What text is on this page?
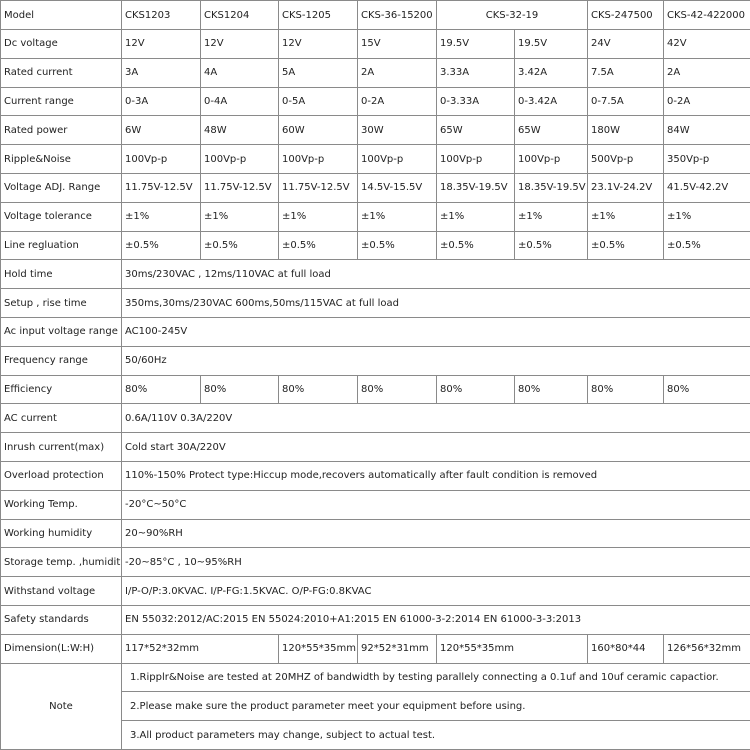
Model	CKS1203	CKS1204	CKS-1205	CKS-36-15200	CKS-32-19		CKS-247500	CKS-42-422000
Dc voltage	12V	12V	12V	15V	19.5V	19.5V	24V	42V
Rated current	3A	4A	5A	2A	3.33A	3.42A	7.5A	2A
Current range	0-3A	0-4A	0-5A	0-2A	0-3.33A	0-3.42A	0-7.5A	0-2A
Rated power	6W	48W	60W	30W	65W	65W	180W	84W
Ripple&Noise	100Vp-p	100Vp-p	100Vp-p	100Vp-p	100Vp-p	100Vp-p	500Vp-p	350Vp-p
Voltage ADJ. Range	11.75V-12.5V	11.75V-12.5V	11.75V-12.5V	14.5V-15.5V	18.35V-19.5V	18.35V-19.5V	23.1V-24.2V	41.5V-42.2V
Voltage tolerance	±1%	±1%	±1%	±1%	±1%	±1%	±1%	±1%
Line regluation	±0.5%	±0.5%	±0.5%	±0.5%	±0.5%	±0.5%	±0.5%	±0.5%
Hold time	30ms/230VAC , 12ms/110VAC at full load							
Setup , rise time	350ms,30ms/230VAC 600ms,50ms/115VAC at full load							
Ac input voltage range	AC100-245V							
Frequency range	50/60Hz							
Efficiency	80%	80%	80%	80%	80%	80%	80%	80%
AC current	0.6A/110V 0.3A/220V							
Inrush current(max)	Cold start 30A/220V							
Overload protection	110%-150% Protect type:Hiccup mode,recovers automatically after fault condition is removed							
Working Temp.	-20°C~50°C							
Working humidity	20~90%RH							
Storage temp. ,humidit	-20~85°C , 10~95%RH							
Withstand voltage	I/P-O/P:3.0KVAC. I/P-FG:1.5KVAC. O/P-FG:0.8KVAC							
Safety standards	EN 55032:2012/AC:2015 EN 55024:2010+A1:2015 EN 61000-3-2:2014 EN 61000-3-3:2013							
Dimension(L:W:H)	117*52*32mm		120*55*35mm	92*52*31mm	120*55*35mm		160*80*44	126*56*32mm
Note	1.Ripplr&Noise are tested at 20MHZ of bandwidth by testing parallely connecting a 0.1uf and 10uf ceramic capactior.							
	2.Please make sure the product parameter meet your equipment before using.							
	3.All product parameters may change, subject to actual test.							
